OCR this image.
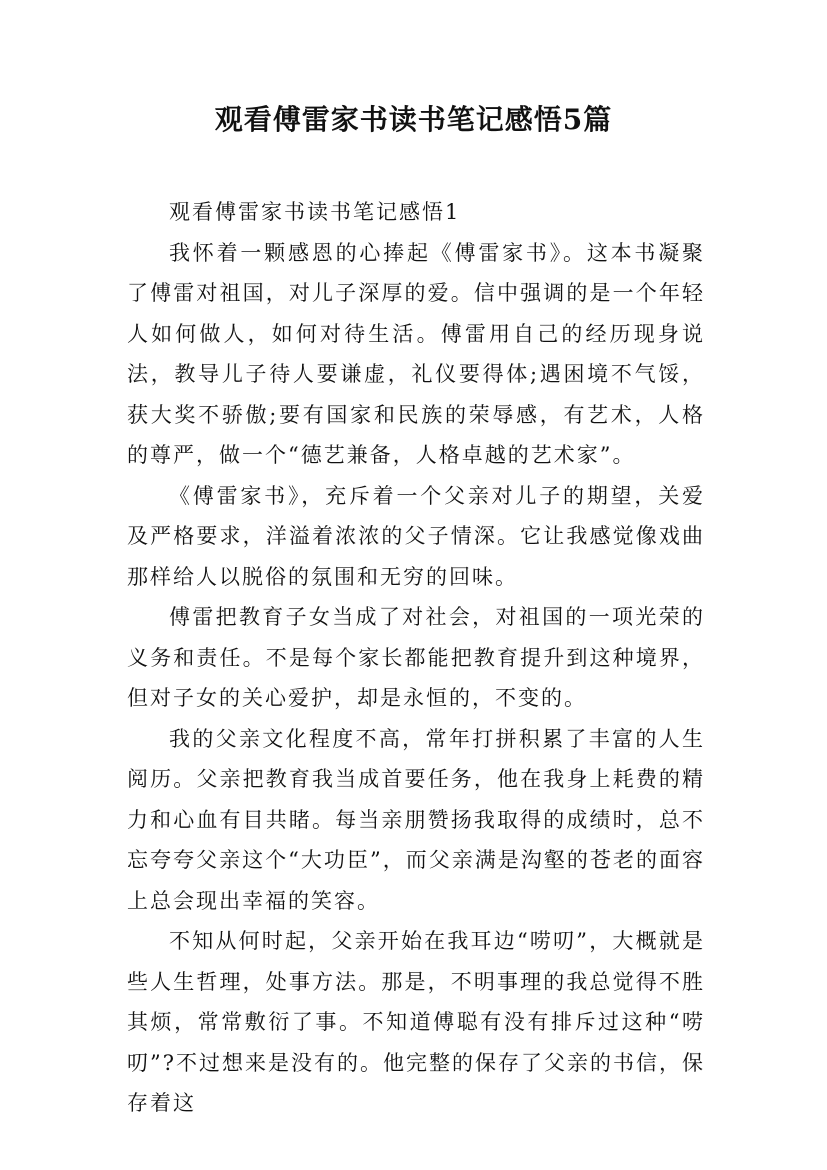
观看傅雷家书读书笔记感悟5篇

观看傅雷家书读书笔记感悟1

我怀着一颗感恩的心捧起《傅雷家书》。这本书凝聚了傅雷对祖国，对儿子深厚的爱。信中强调的是一个年轻人如何做人，如何对待生活。傅雷用自己的经历现身说法，教导儿子待人要谦虚，礼仪要得体;遇困境不气馁，获大奖不骄傲;要有国家和民族的荣辱感，有艺术，人格的尊严，做一个“德艺兼备，人格卓越的艺术家”。

《傅雷家书》，充斥着一个父亲对儿子的期望，关爱及严格要求，洋溢着浓浓的父子情深。它让我感觉像戏曲那样给人以脱俗的氛围和无穷的回味。

傅雷把教育子女当成了对社会，对祖国的一项光荣的义务和责任。不是每个家长都能把教育提升到这种境界，但对子女的关心爱护，却是永恒的，不变的。

我的父亲文化程度不高，常年打拼积累了丰富的人生阅历。父亲把教育我当成首要任务，他在我身上耗费的精力和心血有目共睹。每当亲朋赞扬我取得的成绩时，总不忘夸夸父亲这个“大功臣”，而父亲满是沟壑的苍老的面容上总会现出幸福的笑容。

不知从何时起，父亲开始在我耳边“唠叨”，大概就是些人生哲理，处事方法。那是，不明事理的我总觉得不胜其烦，常常敷衍了事。不知道傅聪有没有排斥过这种“唠叨”?不过想来是没有的。他完整的保存了父亲的书信，保存着这
